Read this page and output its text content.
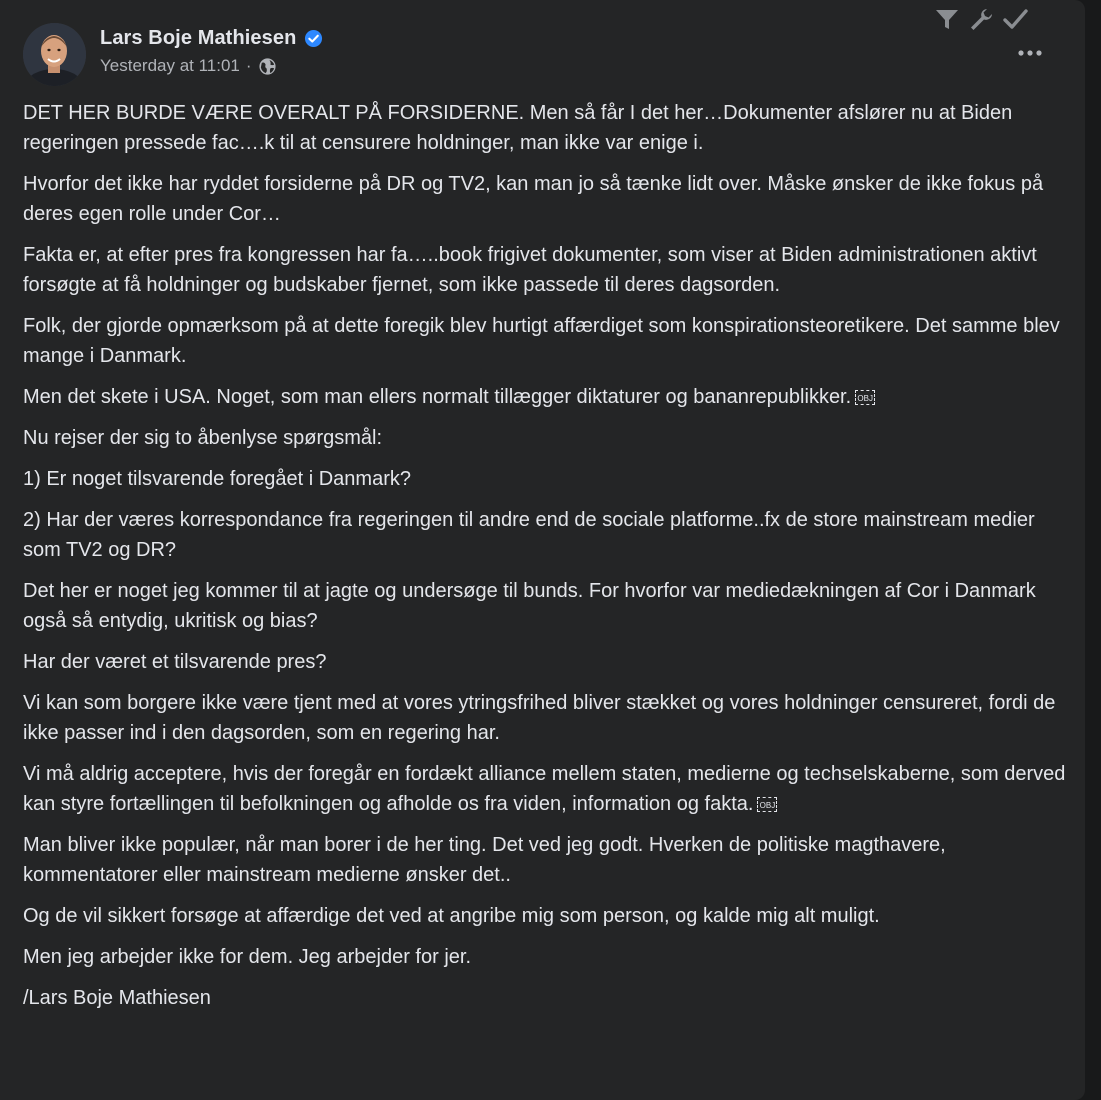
Lars Boje Mathiesen
Yesterday at 11:01 ·

DET HER BURDE VÆRE OVERALT PÅ FORSIDERNE. Men så får I det her…Dokumenter afslører nu at Biden regeringen pressede fac….k til at censurere holdninger, man ikke var enige i.

Hvorfor det ikke har ryddet forsiderne på DR og TV2, kan man jo så tænke lidt over. Måske ønsker de ikke fokus på deres egen rolle under Cor…

Fakta er, at efter pres fra kongressen har fa…..book frigivet dokumenter, som viser at Biden administrationen aktivt forsøgte at få holdninger og budskaber fjernet, som ikke passede til deres dagsorden.

Folk, der gjorde opmærksom på at dette foregik blev hurtigt affærdiget som konspirationsteoretikere. Det samme blev mange i Danmark.

Men det skete i USA. Noget, som man ellers normalt tillægger diktaturer og bananrepublikker. OBJ

Nu rejser der sig to åbenlyse spørgsmål:

1) Er noget tilsvarende foregået i Danmark?

2) Har der væres korrespondance fra regeringen til andre end de sociale platforme..fx de store mainstream medier som TV2 og DR?

Det her er noget jeg kommer til at jagte og undersøge til bunds. For hvorfor var mediedækningen af Cor i Danmark også så entydig, ukritisk og bias?

Har der været et tilsvarende pres?

Vi kan som borgere ikke være tjent med at vores ytringsfrihed bliver stækket og vores holdninger censureret, fordi de ikke passer ind i den dagsorden, som en regering har.

Vi må aldrig acceptere, hvis der foregår en fordækt alliance mellem staten, medierne og techselskaberne, som derved kan styre fortællingen til befolkningen og afholde os fra viden, information og fakta. OBJ

Man bliver ikke populær, når man borer i de her ting. Det ved jeg godt. Hverken de politiske magthavere, kommentatorer eller mainstream medierne ønsker det..

Og de vil sikkert forsøge at affærdige det ved at angribe mig som person, og kalde mig alt muligt.

Men jeg arbejder ikke for dem. Jeg arbejder for jer.

/Lars Boje Mathiesen
